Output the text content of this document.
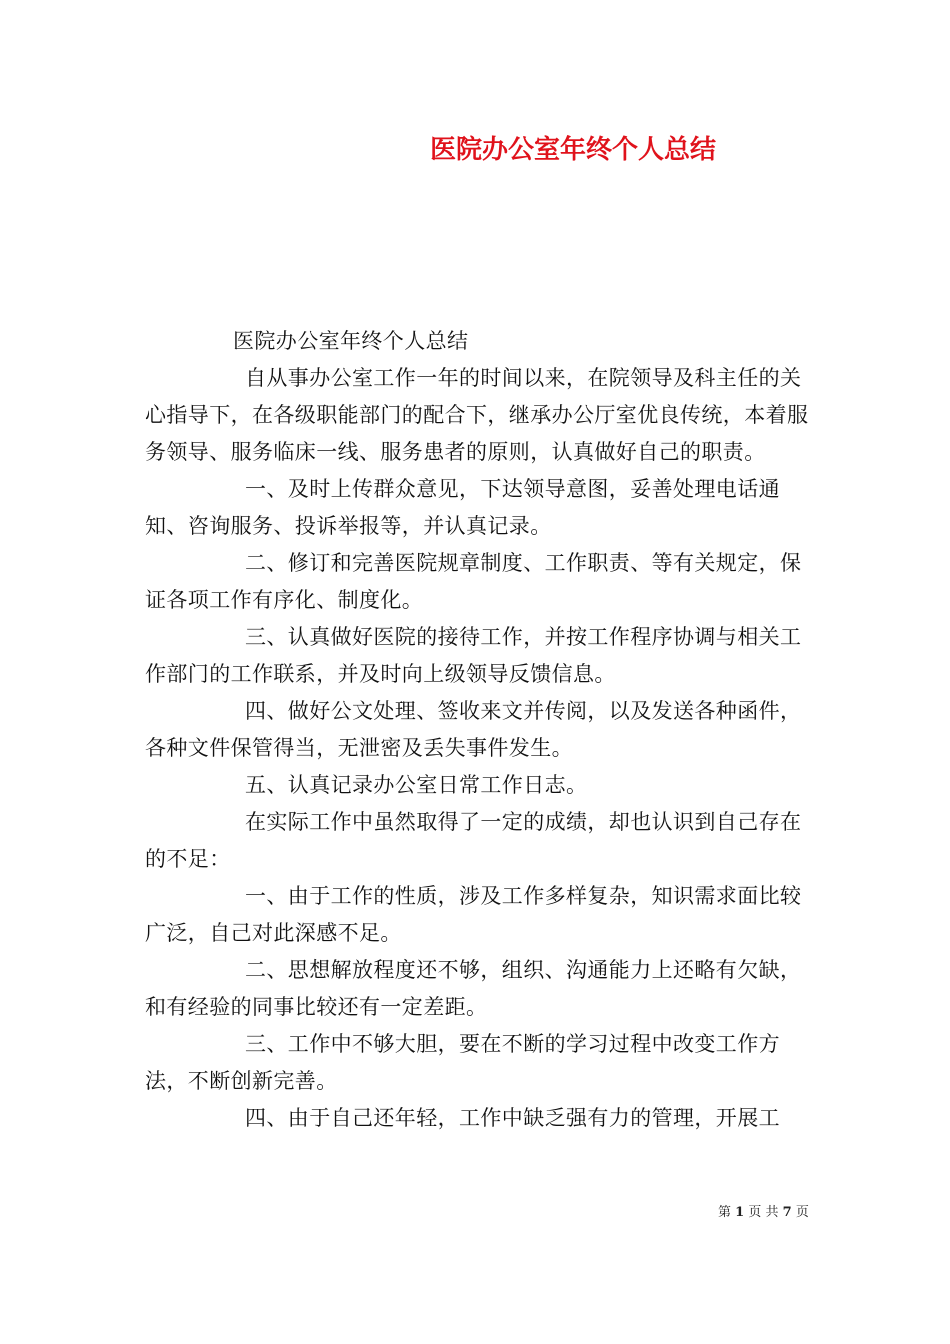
医院办公室年终个人总结

医院办公室年终个人总结

自从事办公室工作一年的时间以来，在院领导及科主任的关心指导下，在各级职能部门的配合下，继承办公厅室优良传统，本着服务领导、服务临床一线、服务患者的原则，认真做好自己的职责。

一、及时上传群众意见，下达领导意图，妥善处理电话通知、咨询服务、投诉举报等，并认真记录。

二、修订和完善医院规章制度、工作职责、等有关规定，保证各项工作有序化、制度化。

三、认真做好医院的接待工作，并按工作程序协调与相关工作部门的工作联系，并及时向上级领导反馈信息。

四、做好公文处理、签收来文并传阅，以及发送各种函件，各种文件保管得当，无泄密及丢失事件发生。

五、认真记录办公室日常工作日志。

在实际工作中虽然取得了一定的成绩，却也认识到自己存在的不足：

一、由于工作的性质，涉及工作多样复杂，知识需求面比较广泛，自己对此深感不足。

二、思想解放程度还不够，组织、沟通能力上还略有欠缺，和有经验的同事比较还有一定差距。

三、工作中不够大胆，要在不断的学习过程中改变工作方法，不断创新完善。

四、由于自己还年轻，工作中缺乏强有力的管理，开展工

第 1 页 共 7 页
